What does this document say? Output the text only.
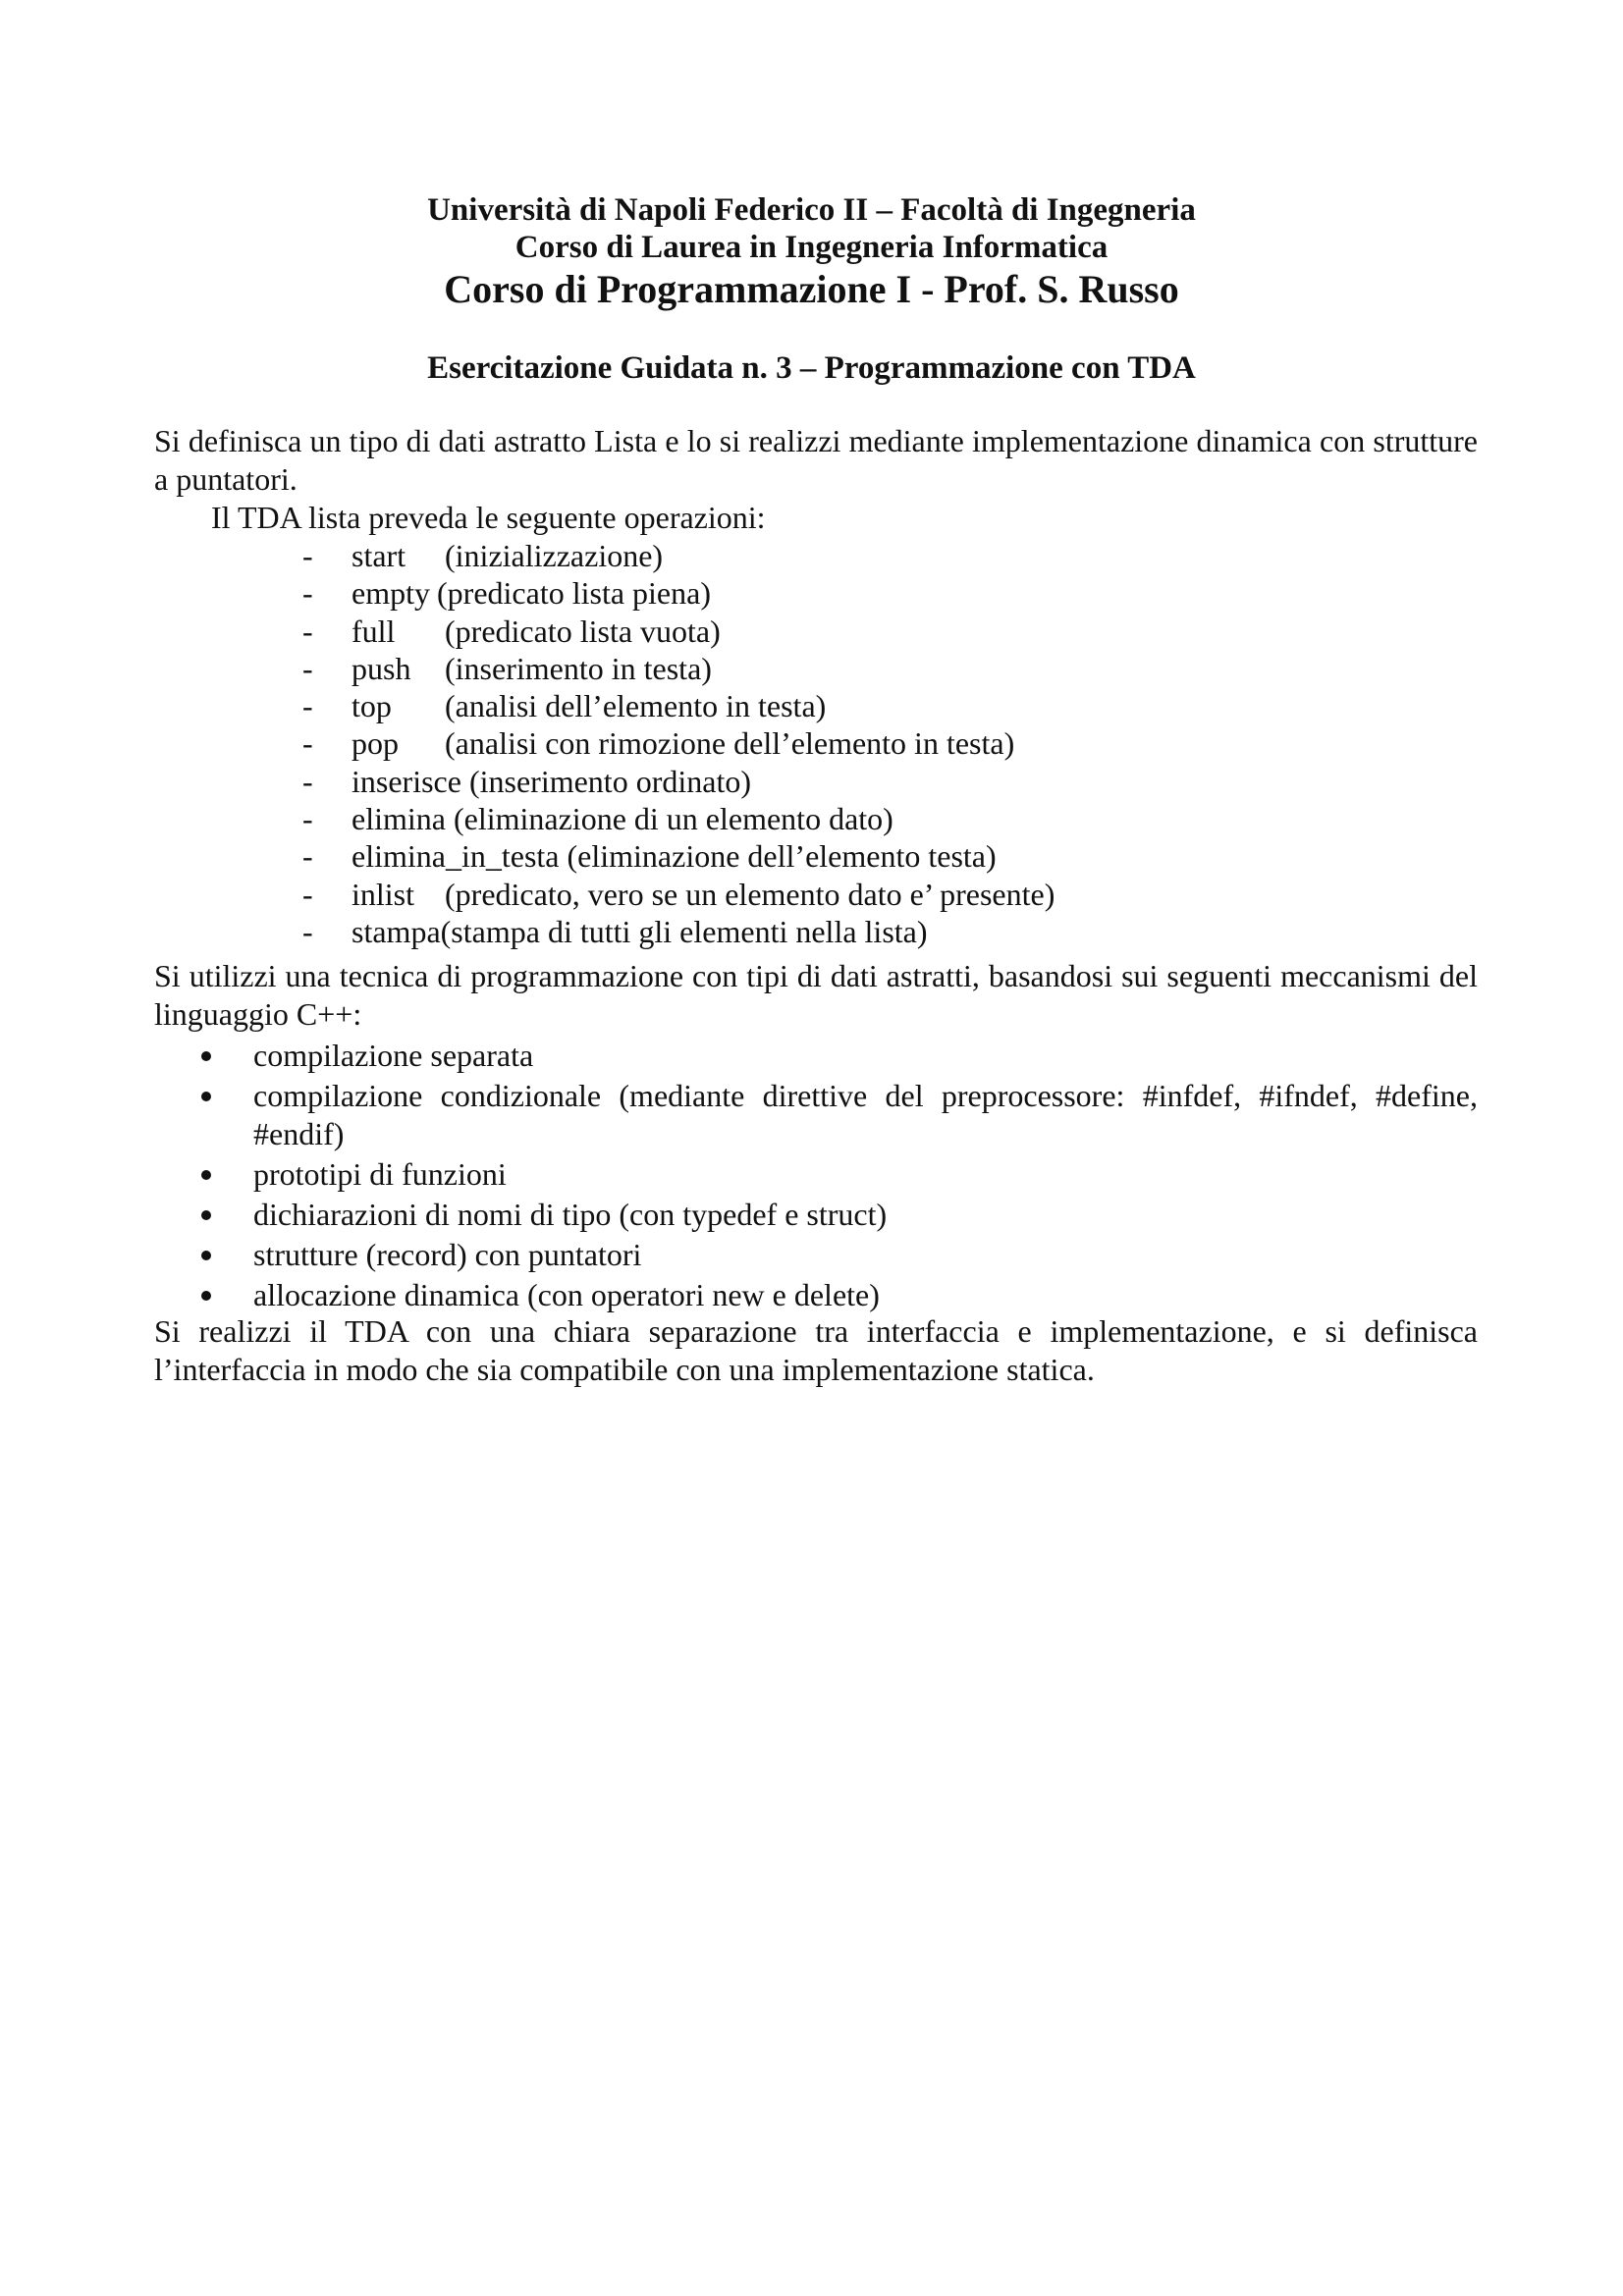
Università di Napoli Federico II – Facoltà di Ingegneria
Corso di Laurea in Ingegneria Informatica
Corso di Programmazione I - Prof. S. Russo
Esercitazione Guidata n. 3 – Programmazione con TDA
Si definisca un tipo di dati astratto Lista e lo si realizzi mediante implementazione dinamica con strutture a puntatori.
Il TDA lista preveda le seguente operazioni:
- start (inizializzazione)
- empty (predicato lista piena)
- full (predicato lista vuota)
- push (inserimento in testa)
- top (analisi dell’elemento in testa)
- pop (analisi con rimozione dell’elemento in testa)
- inserisce (inserimento ordinato)
- elimina (eliminazione di un elemento dato)
- elimina_in_testa (eliminazione dell’elemento testa)
- inlist (predicato, vero se un elemento dato e’ presente)
- stampa(stampa di tutti gli elementi nella lista)
Si utilizzi una tecnica di programmazione con tipi di dati astratti, basandosi sui seguenti meccanismi del linguaggio C++:
compilazione separata
compilazione condizionale (mediante direttive del preprocessore: #infdef, #ifndef, #define, #endif)
prototipi di funzioni
dichiarazioni di nomi di tipo (con typedef e struct)
strutture (record) con puntatori
allocazione dinamica (con operatori new e delete)
Si realizzi il TDA con una chiara separazione tra interfaccia e implementazione, e si definisca l’interfaccia in modo che sia compatibile con una implementazione statica.
